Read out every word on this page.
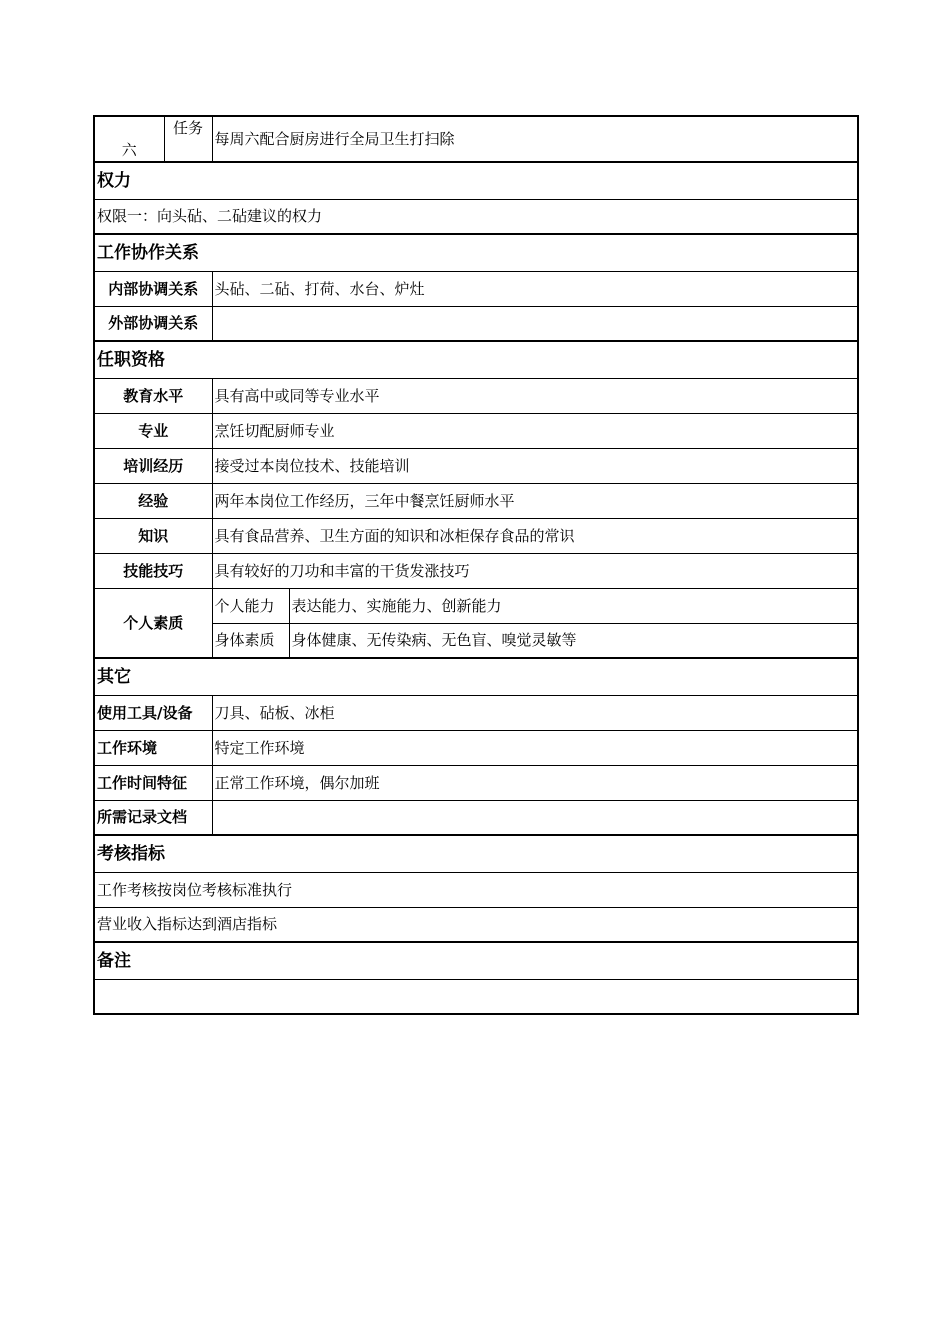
六	任务	每周六配合厨房进行全局卫生打扫除	
权力			
权限一：向头砧、二砧建议的权力			
工作协作关系			
内部协调关系		头砧、二砧、打荷、水台、炉灶	
外部协调关系			
任职资格			
教育水平		具有高中或同等专业水平	
专业		烹饪切配厨师专业	
培训经历		接受过本岗位技术、技能培训	
经验		两年本岗位工作经历，三年中餐烹饪厨师水平	
知识		具有食品营养、卫生方面的知识和冰柜保存食品的常识	
技能技巧		具有较好的刀功和丰富的干货发涨技巧	
个人素质		个人能力	表达能力、实施能力、创新能力
		身体素质	身体健康、无传染病、无色盲、嗅觉灵敏等
其它			
使用工具/设备		刀具、砧板、冰柜	
工作环境		特定工作环境	
工作时间特征		正常工作环境，偶尔加班	
所需记录文档			
考核指标			
工作考核按岗位考核标准执行			
营业收入指标达到酒店指标			
备注			
